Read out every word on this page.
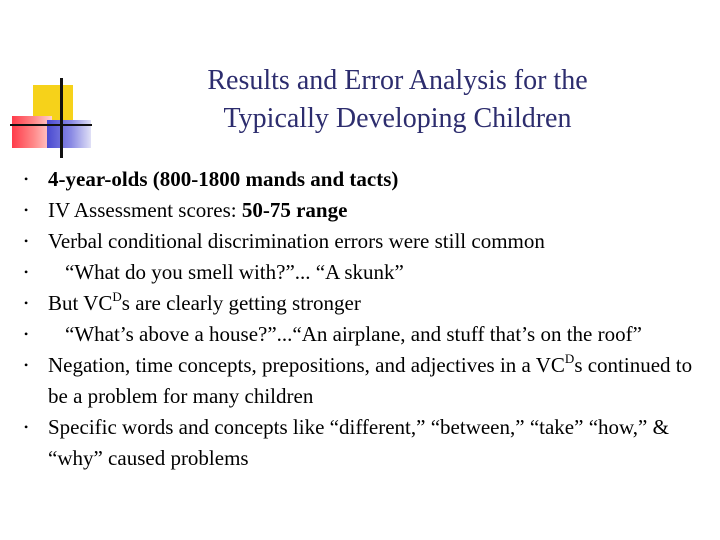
Results and Error Analysis for the
Typically Developing Children
• 4-year-olds (800-1800 mands and tacts)
• IV Assessment scores: 50-75 range
• Verbal conditional discrimination errors were still common
• “What do you smell with?”... “A skunk”
• But $VC^Ds$ are clearly getting stronger
• “What’s above a house?”...“An airplane, and stuff that’s on the roof”
• Negation, time concepts, prepositions, and adjectives in a $VC^Ds$ continued to be a problem for many children
• Specific words and concepts like “different,” “between,” “take” “how,” & “why” caused problems
